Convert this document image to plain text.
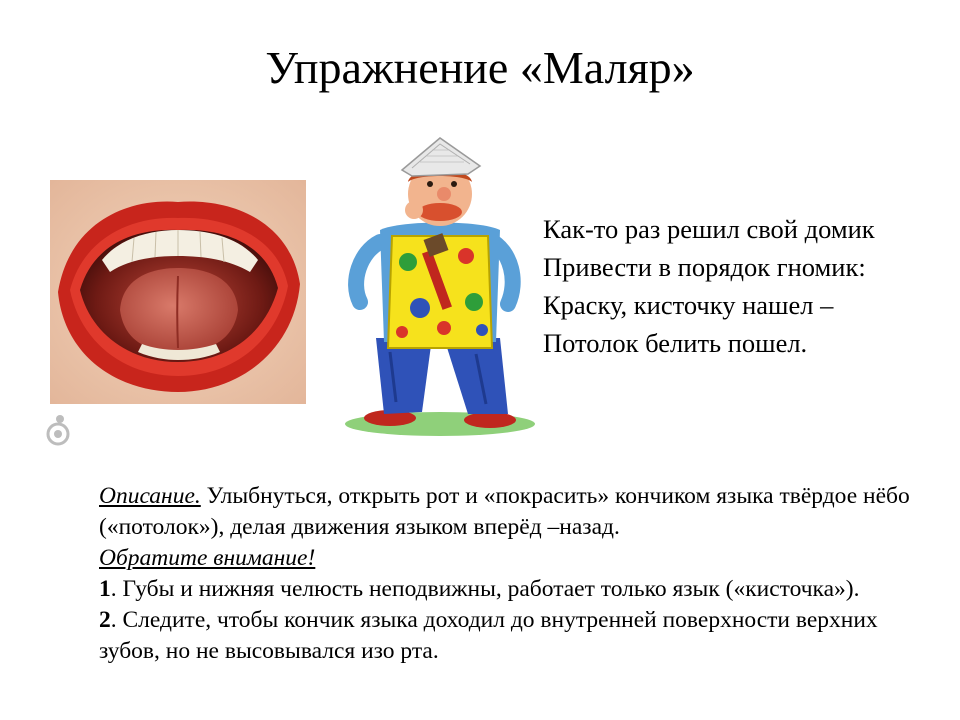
Упражнение «Маляр»
Как-то раз решил свой домик
Привести в порядок гномик:
Краску, кисточку нашел –
Потолок белить пошел.

Описание. Улыбнуться, открыть рот и «покрасить» кончиком языка твёрдое нёбо («потолок»), делая движения языком вперёд –назад.

Обратите внимание!

1. Губы и нижняя челюсть неподвижны, работает только язык («кисточка»).

2. Следите, чтобы кончик языка доходил до внутренней поверхности верхних зубов, но не высовывался изо рта.
